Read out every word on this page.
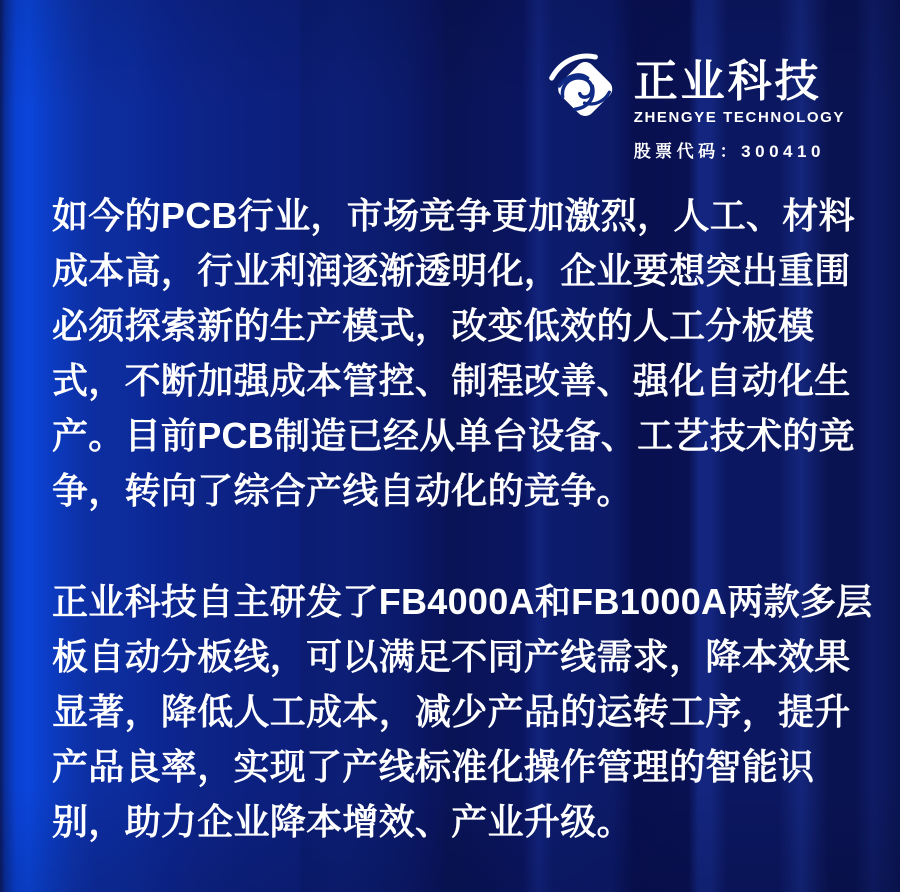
正业科技
ZHENGYE TECHNOLOGY
股票代码：300410

如今的PCB行业，市场竞争更加激烈，人工、材料
成本高，行业利润逐渐透明化，企业要想突出重围
必须探索新的生产模式，改变低效的人工分板模
式，不断加强成本管控、制程改善、强化自动化生
产。目前PCB制造已经从单台设备、工艺技术的竞
争，转向了综合产线自动化的竞争。

正业科技自主研发了FB4000A和FB1000A两款多层
板自动分板线，可以满足不同产线需求，降本效果
显著，降低人工成本，减少产品的运转工序，提升
产品良率，实现了产线标准化操作管理的智能识
别，助力企业降本增效、产业升级。
